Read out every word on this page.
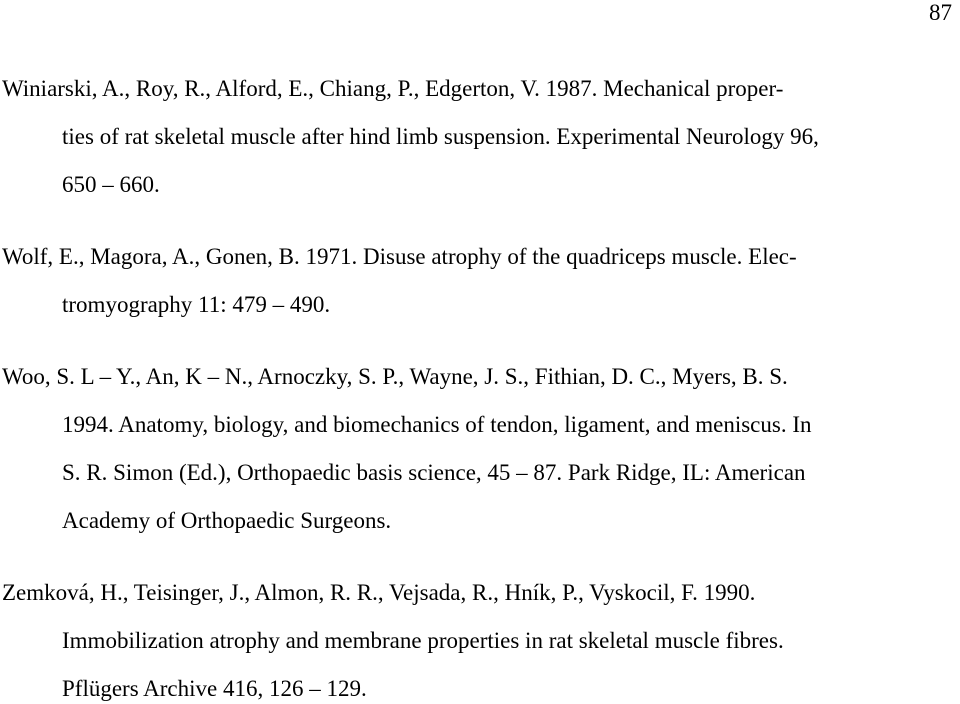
87
Winiarski, A., Roy, R., Alford, E., Chiang, P., Edgerton, V. 1987. Mechanical proper-
ties of rat skeletal muscle after hind limb suspension. Experimental Neurology 96,
650 – 660.
Wolf, E., Magora, A., Gonen, B. 1971. Disuse atrophy of the quadriceps muscle. Elec-
tromyography 11: 479 – 490.
Woo, S. L – Y., An, K – N., Arnoczky, S. P., Wayne, J. S., Fithian, D. C., Myers, B. S.
1994. Anatomy, biology, and biomechanics of tendon, ligament, and meniscus. In
S. R. Simon (Ed.), Orthopaedic basis science, 45 – 87. Park Ridge, IL: American
Academy of Orthopaedic Surgeons.
Zemková, H., Teisinger, J., Almon, R. R., Vejsada, R., Hník, P., Vyskocil, F. 1990.
Immobilization atrophy and membrane properties in rat skeletal muscle fibres.
Pflügers Archive 416, 126 – 129.
